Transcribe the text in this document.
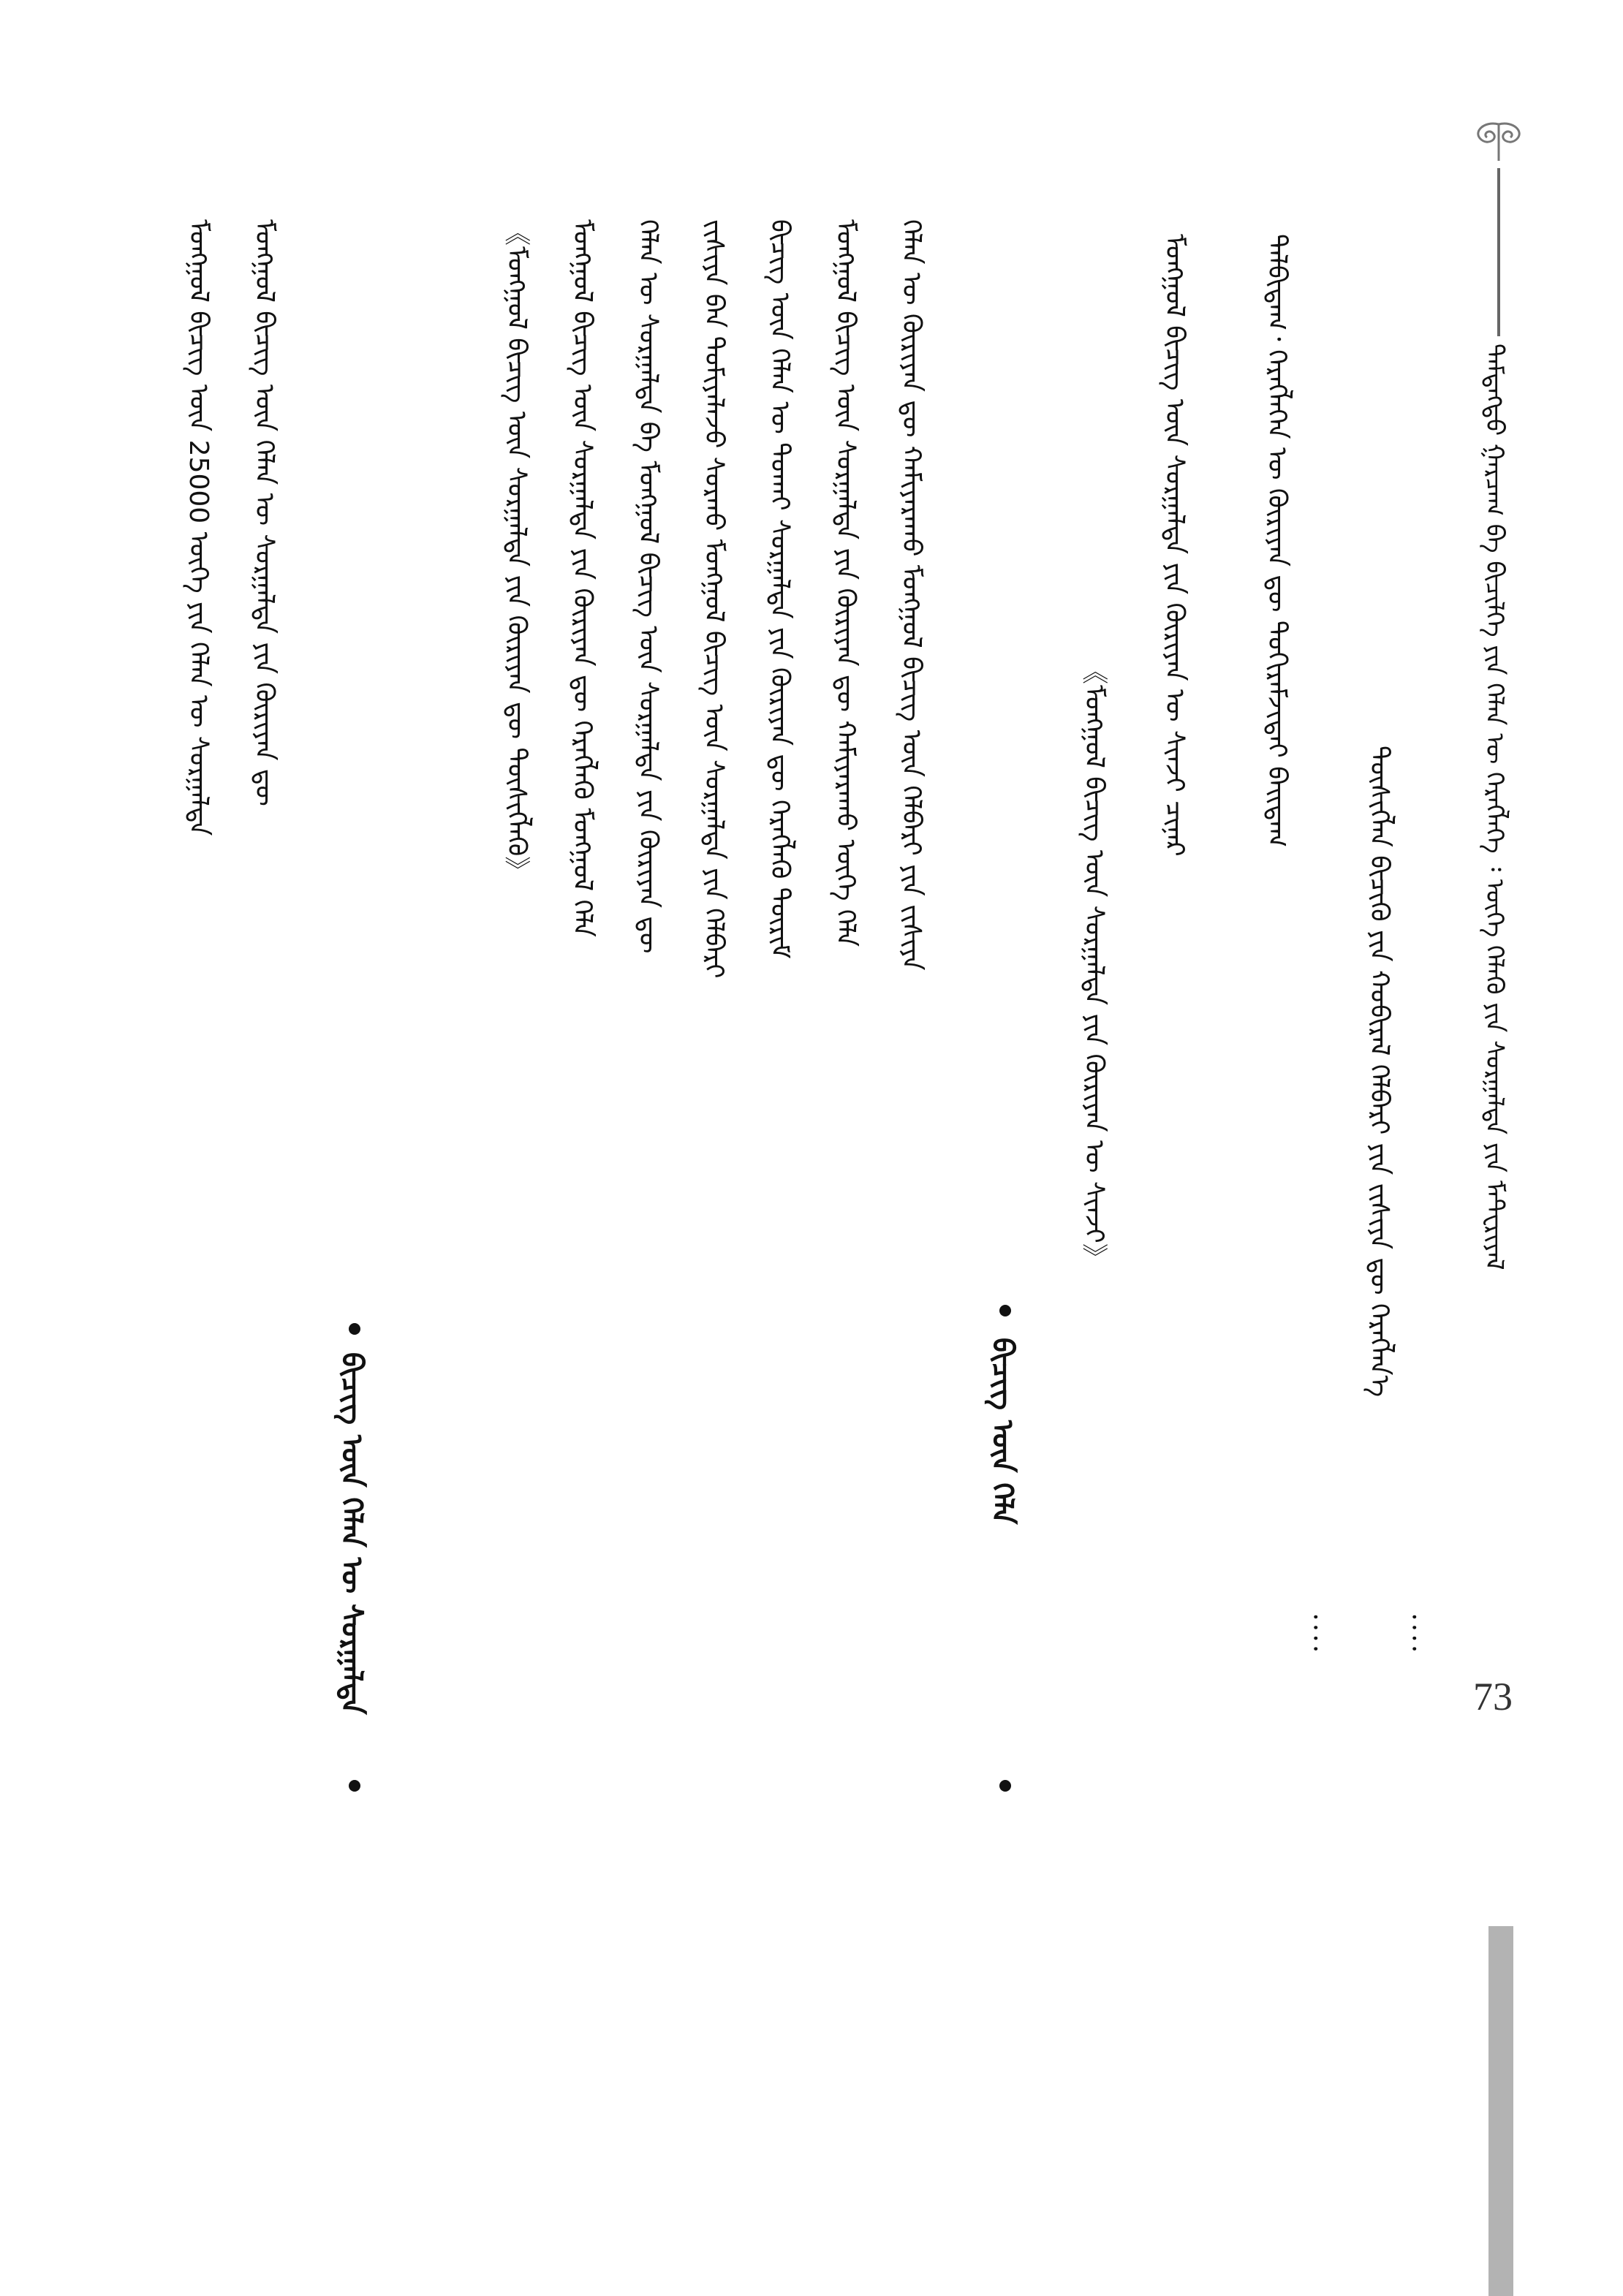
ᠲᠡᠮᠳᠡᠭᠲᠦ ᠭᠠᠷᠴᠠᠭ ᠪᠠ ᠪᠢᠴᠢᠯᠭᠡ ᠶᠢᠨ ᠬᠡᠯᠡᠨ ᠦ ᠬᠡᠷᠡᠭᠯᠡᠭᠡ ᠄ ᠦᠭᠡ ᠬᠡᠯᠡᠬᠦ ᠶᠢᠨ ᠰᠤᠷᠭᠠᠯᠲᠠ ᠶᠢᠨ ᠮᠠᠲ᠋ᠧᠷᠢᠶᠠᠯ
ᠳᠠᠯᠪᠢᠳᠠᠭ᠂ ᠬᠡᠷᠡᠭᠯᠡᠭᠡᠨ ᠦ ᠬᠦᠷᠢᠶᠡᠨ ᠳᠦ ᠲᠤᠬᠢᠷᠠᠮᠵᠢᠲᠠᠢ ᠪᠠᠢᠳᠠᠭ
ᠲᠦᠰᠢᠭᠯᠡᠨ ᠪᠢᠴᠢᠬᠦ ᠶᠢᠨ ᠬᠤᠪᠢᠷᠠᠯ ᠬᠡᠯᠪᠡᠷᠢ ᠶᠢᠨ ᠵᠢᠱᠢᠶᠡ ᠳᠦ ᠬᠡᠷᠡᠭᠯᠡᠨ᠎ᠡ
᠂᠂᠂᠂
᠂᠂᠂᠂
ᠮᠣᠩᠭᠣᠯ ᠪᠢᠴᠢᠭ ᠦᠨ ᠰᠤᠷᠭᠠᠯᠲᠠ ᠶᠢᠨ ᠬᠦᠷᠢᠶᠡᠨ ᠦ ᠰᠢᠨᠵᠢ ᠴᠢᠨᠠᠷ
《ᠮᠣᠩᠭᠣᠯ ᠪᠢᠴᠢᠭ ᠦᠨ ᠰᠤᠷᠭᠠᠯᠲᠠ ᠶᠢᠨ ᠬᠦᠷᠢᠶᠡᠨ ᠦ ᠰᠢᠨᠵᠢ》
ᠪᠢᠴᠢᠭ ᠦᠨ ᠬᠡᠯᠡ
ᠬᠡᠯᠡᠨ ᠦ ᠬᠦᠷᠢᠶᠡᠨ ᠳᠦ ᠬᠠᠮᠢᠶᠠᠷᠠᠬᠤ ᠮᠣᠩᠭᠣᠯ ᠪᠢᠴᠢᠭ ᠦᠨ ᠬᠡᠯᠪᠡᠷᠢ ᠶᠢᠨ ᠵᠢᠱᠢᠶᠡ
ᠮᠣᠩᠭᠣᠯ ᠪᠢᠴᠢᠭ ᠦᠨ ᠰᠤᠷᠭᠠᠯᠲᠠ ᠶᠢᠨ ᠬᠦᠷᠢᠶᠡᠨ ᠳᠦ ᠬᠠᠮᠢᠶᠠᠷᠠᠬᠤ ᠦᠭᠡ ᠬᠡᠯᠡ
ᠪᠢᠴᠢᠭ ᠦᠨ ᠬᠡᠯᠡᠨ ᠦ ᠲᠤᠬᠠᠢ ᠰᠤᠷᠭᠠᠯᠲᠠ ᠶᠢᠨ ᠬᠦᠷᠢᠶᠡᠨ ᠳᠦ ᠬᠡᠷᠡᠭᠯᠡᠬᠦ ᠳᠦᠷᠢᠮ
ᠵᠢᠱᠢᠶᠡ ᠪᠡᠨ ᠲᠣᠮᠢᠶᠠᠯᠠᠵᠤ ᠰᠤᠷᠬᠤ ᠮᠣᠩᠭᠣᠯ ᠪᠢᠴᠢᠭ ᠦᠨ ᠰᠤᠷᠭᠠᠯᠲᠠ ᠶᠢᠨ ᠬᠡᠯᠪᠡᠷᠢ
ᠬᠡᠯᠡᠨ ᠦ ᠰᠤᠷᠭᠠᠯᠲᠠ ᠪᠠ ᠮᠣᠩᠭᠣᠯ ᠪᠢᠴᠢᠭ ᠦᠨ ᠰᠤᠷᠭᠠᠯᠲᠠ ᠶᠢᠨ ᠬᠦᠷᠢᠶᠡᠨ ᠳᠦ
ᠮᠣᠩᠭᠣᠯ ᠪᠢᠴᠢᠭ ᠦᠨ ᠰᠤᠷᠭᠠᠯᠲᠠ ᠶᠢᠨ ᠬᠦᠷᠢᠶᠡᠨ ᠳᠦ ᠬᠡᠷᠡᠭᠯᠡᠬᠦ ᠮᠣᠩᠭᠣᠯ ᠬᠡᠯᠡ
《ᠮᠣᠩᠭᠣᠯ ᠪᠢᠴᠢᠭ ᠦᠨ ᠰᠤᠷᠭᠠᠯᠲᠠ ᠶᠢᠨ ᠬᠦᠷᠢᠶᠡᠨ ᠳᠦ ᠲᠦᠰᠢᠭᠯᠡᠬᠦ》
ᠪᠢᠴᠢᠭ ᠦᠨ ᠬᠡᠯᠡᠨ ᠦ ᠰᠤᠷᠭᠠᠯᠲᠠ
ᠮᠣᠩᠭᠣᠯ ᠪᠢᠴᠢᠭ ᠦᠨ ᠬᠡᠯᠡᠨ ᠦ ᠰᠤᠷᠭᠠᠯᠲᠠ ᠶᠢᠨ ᠬᠦᠷᠢᠶᠡᠨ ᠳᠦ
ᠮᠣᠩᠭᠣᠯ ᠪᠢᠴᠢᠭ ᠦᠨ 25000 ᠦᠭᠡ ᠶᠢᠨ ᠬᠡᠯᠡᠨ ᠦ ᠰᠤᠷᠭᠠᠯᠲᠠ
73
